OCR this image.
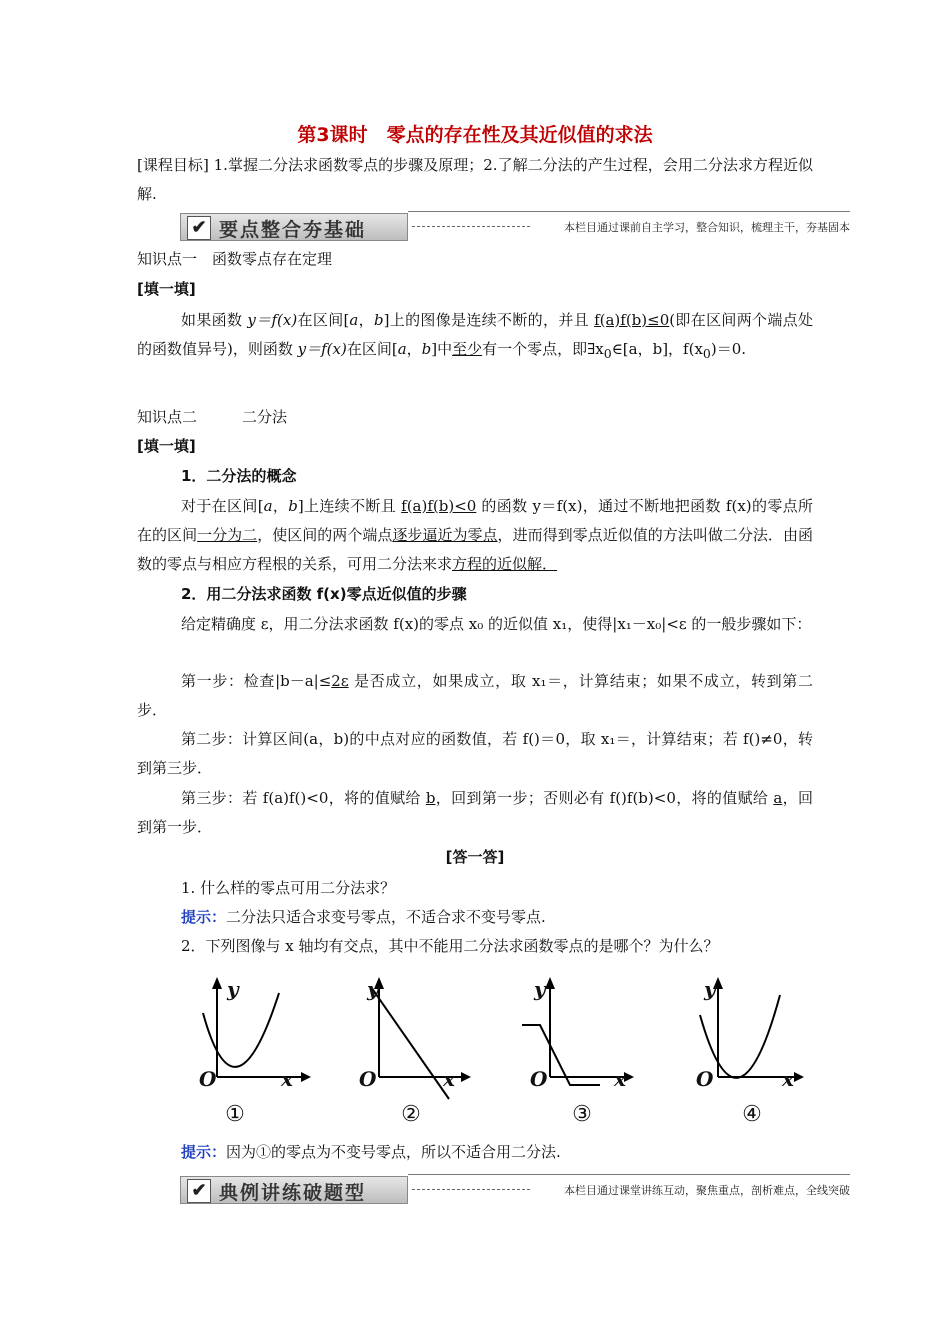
第3课时　零点的存在性及其近似值的求法
[课程目标] 1.掌握二分法求函数零点的步骤及原理；2.了解二分法的产生过程，会用二分法求方程近似解.
✔ 要点整合夯基础	本栏目通过课前自主学习，整合知识，梳理主干，夯基固本
知识点一　函数零点存在定理
[填一填]
如果函数 y＝f(x)在区间[a，b]上的图像是连续不断的，并且 f(a)f(b)≤0(即在区间两个端点处的函数值异号)，则函数 y＝f(x)在区间[a，b]中至少有一个零点，即$\exists x_0\in[a$，b]，$f(x_0)=0$.
知识点二　　　二分法
[填一填]
1．二分法的概念
对于在区间[a，b]上连续不断且 f(a)f(b)<0 的函数 y＝f(x)，通过不断地把函数 f(x)的零点所在的区间一分为二，使区间的两个端点逐步逼近为零点，进而得到零点近似值的方法叫做二分法．由函数的零点与相应方程根的关系，可用二分法来求方程的近似解．
2．用二分法求函数 f(x)零点近似值的步骤
给定精确度 ε，用二分法求函数 f(x)的零点 x₀ 的近似值 x₁，使得|x₁－x₀|<ε 的一般步骤如下：
第一步：检查|b－a|≤2ε 是否成立，如果成立，取 x₁＝，计算结束；如果不成立，转到第二步．
第二步：计算区间(a，b)的中点对应的函数值，若 f()＝0，取 x₁＝，计算结束；若 f()≠0，转到第三步．
第三步：若 f(a)f()<0，将的值赋给 b，回到第一步；否则必有 f()f(b)<0，将的值赋给 a，回到第一步．
[答一答]
1. 什么样的零点可用二分法求？
提示：二分法只适合求变号零点，不适合求不变号零点.
2．下列图像与 x 轴均有交点，其中不能用二分法求函数零点的是哪个？为什么？
y
x
O
①
y
x
O
②
y
x
O
③
y
x
O
④
提示：因为①的零点为不变号零点，所以不适合用二分法.
✔ 典例讲练破题型	本栏目通过课堂讲练互动，聚焦重点，剖析难点，全线突破
